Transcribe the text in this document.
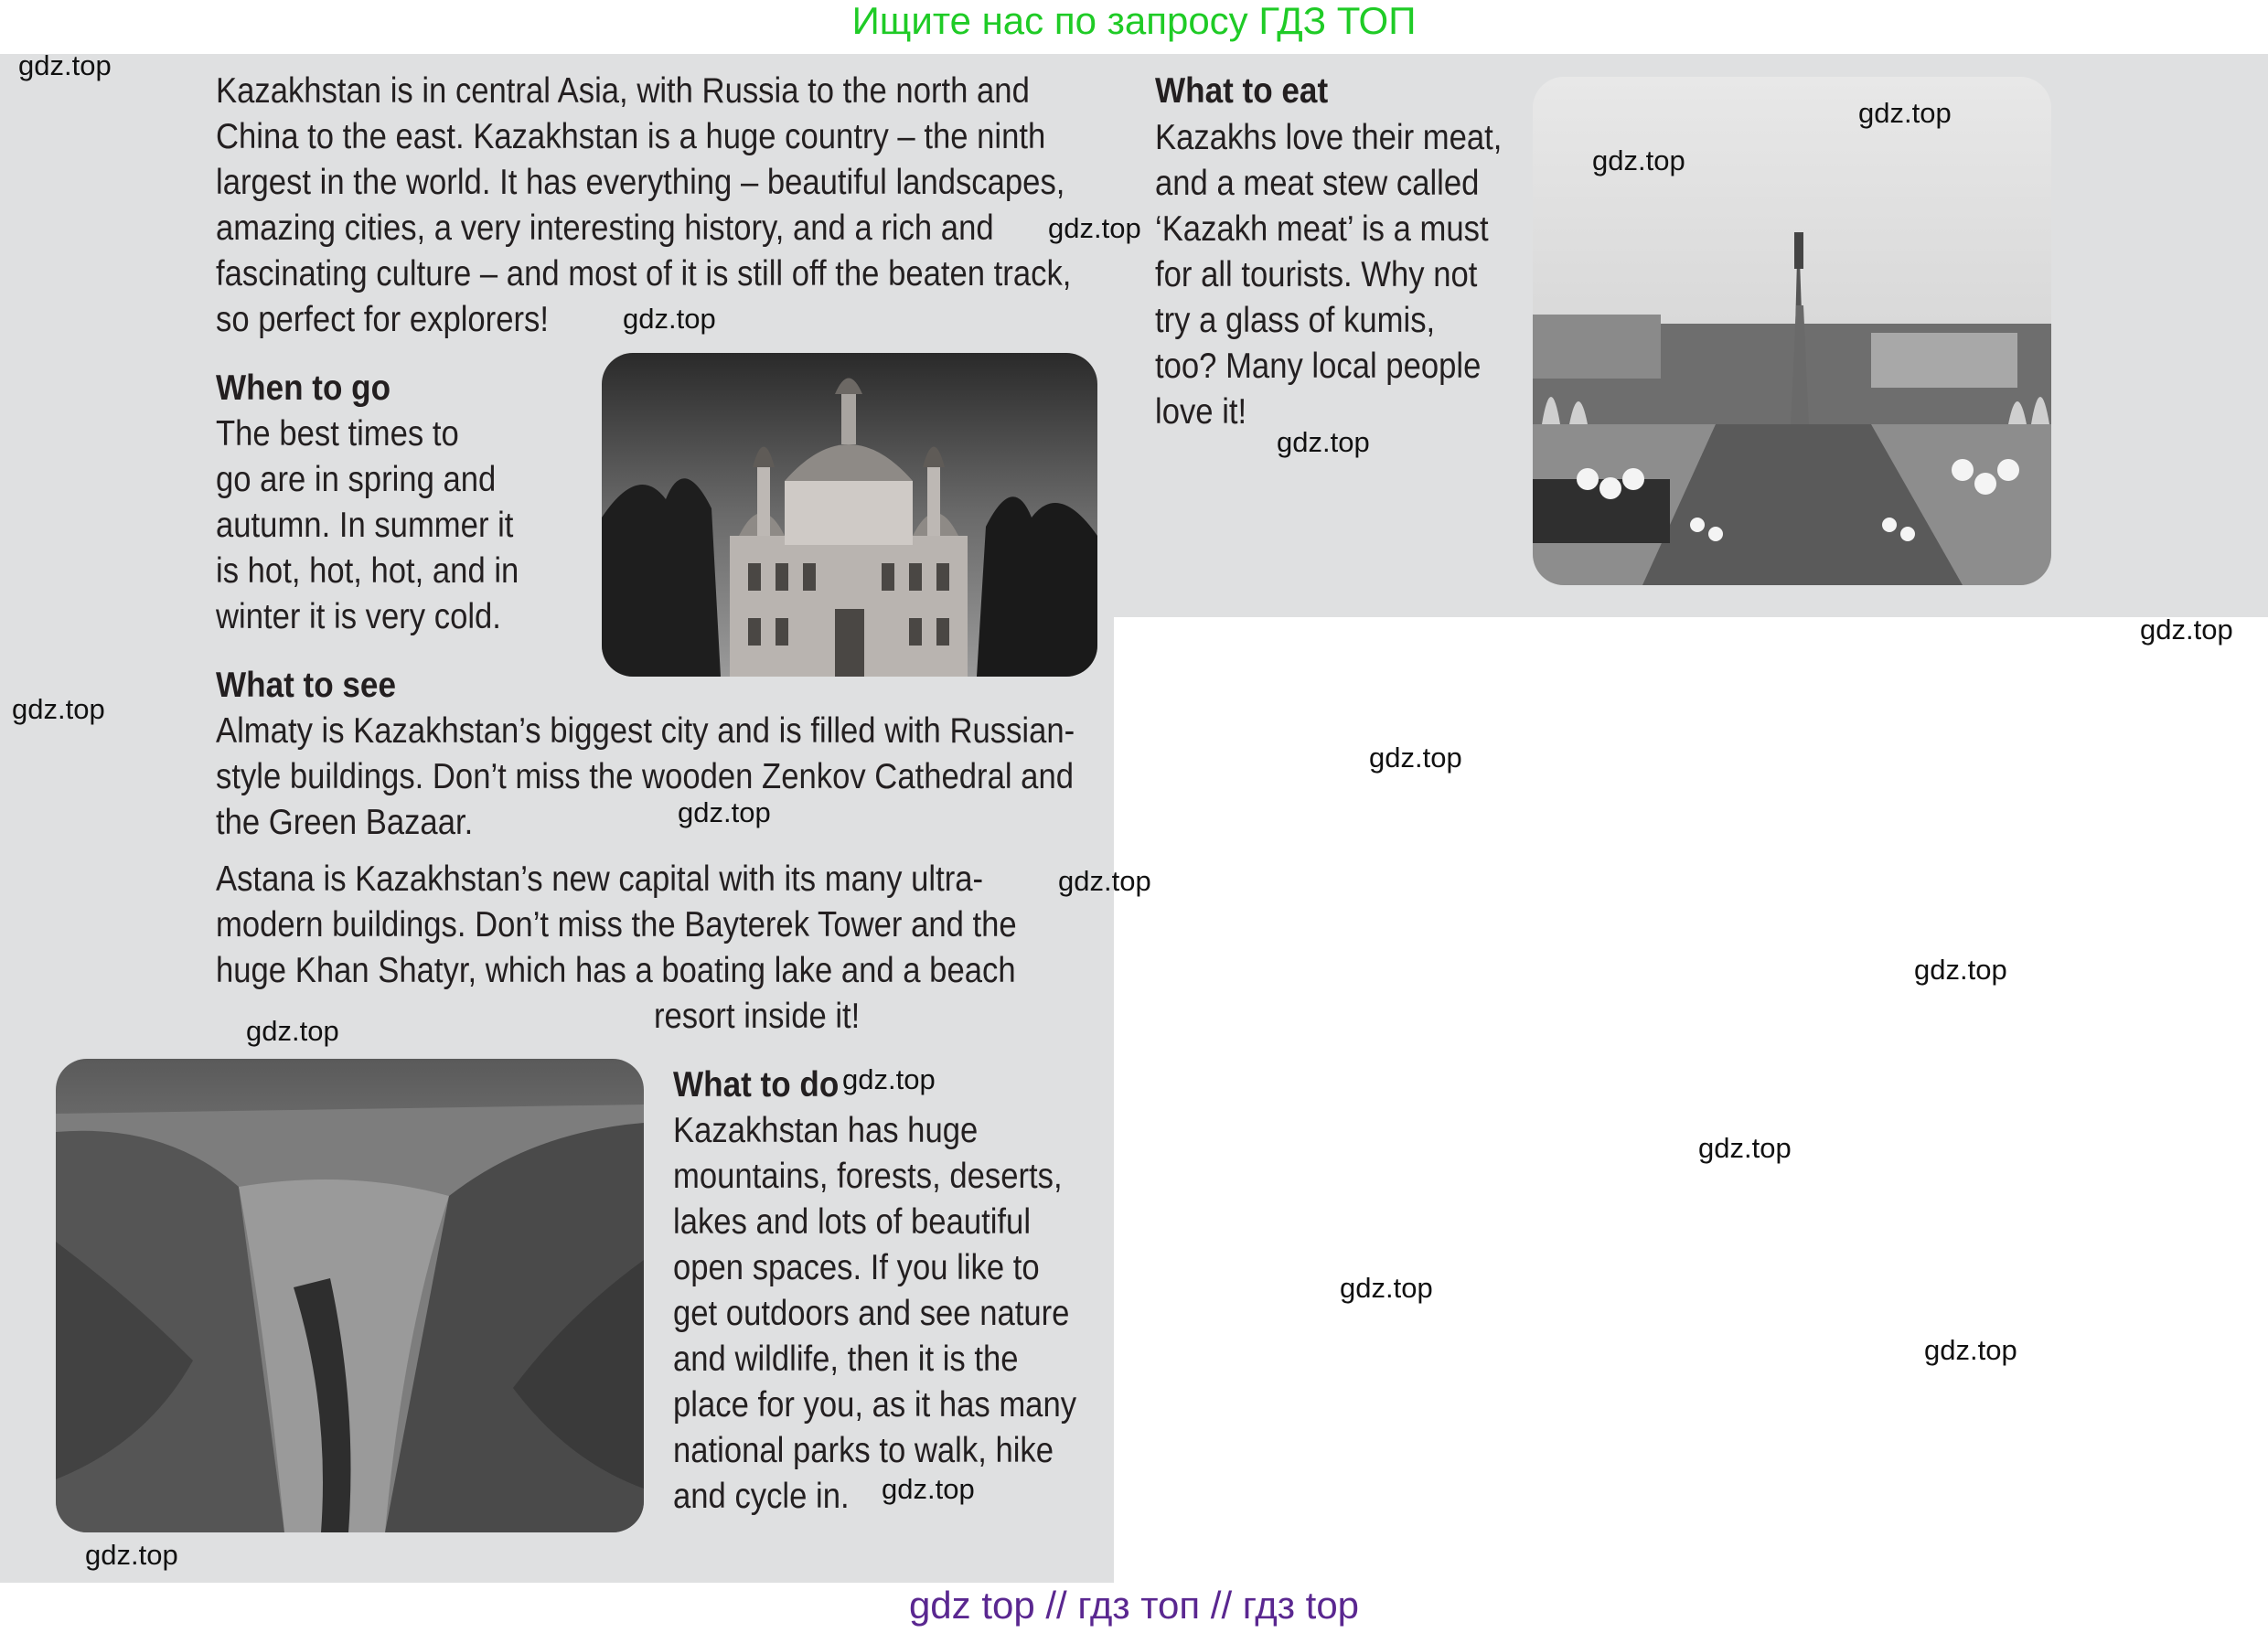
Ищите нас по запросу ГДЗ ТОП
gdz top // гдз топ // гдз top

Kazakhstan is in central Asia, with Russia to the north and
China to the east. Kazakhstan is a huge country – the ninth
largest in the world. It has everything – beautiful landscapes,
amazing cities, a very interesting history, and a rich and
fascinating culture – and most of it is still off the beaten track,
so perfect for explorers!

When to go

The best times to
go are in spring and
autumn. In summer it
is hot, hot, hot, and in
winter it is very cold.

What to see

Almaty is Kazakhstan’s biggest city and is filled with Russian-
style buildings. Don’t miss the wooden Zenkov Cathedral and
the Green Bazaar.

Astana is Kazakhstan’s new capital with its many ultra-
modern buildings. Don’t miss the Bayterek Tower and the
huge Khan Shatyr, which has a boating lake and a beach

resort inside it!

What to do

Kazakhstan has huge
mountains, forests, deserts,
lakes and lots of beautiful
open spaces. If you like to
get outdoors and see nature
and wildlife, then it is the
place for you, as it has many
national parks to walk, hike
and cycle in.

What to eat

Kazakhs love their meat,
and a meat stew called
‘Kazakh meat’ is a must
for all tourists. Why not
try a glass of kumis,
too? Many local people
love it!

gdz.top
gdz.top
gdz.top
gdz.top
gdz.top
gdz.top
gdz.top
gdz.top
gdz.top
gdz.top
gdz.top
gdz.top
gdz.top
gdz.top
gdz.top
gdz.top
gdz.top
gdz.top
gdz.top
